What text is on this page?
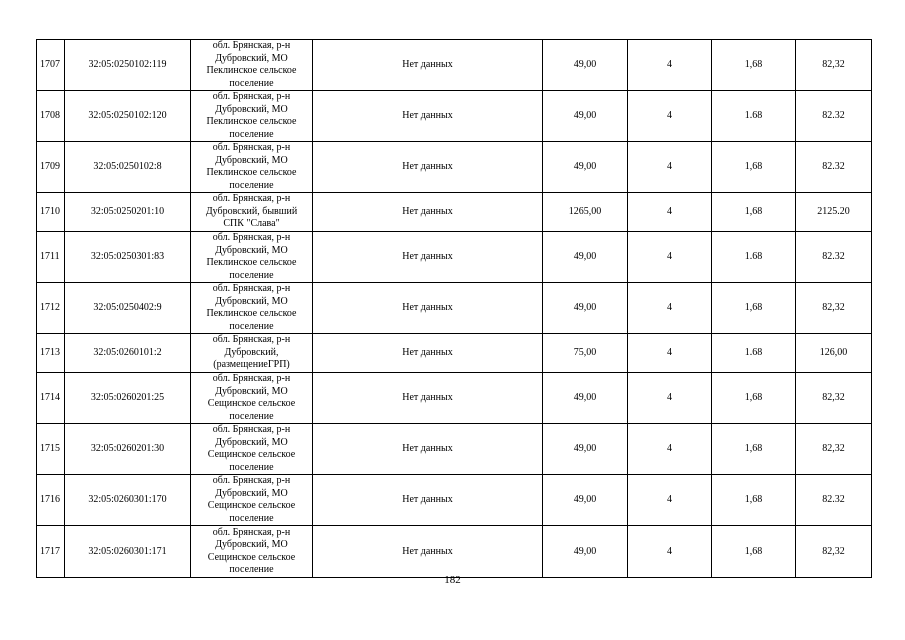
1707	32:05:0250102:119	обл. Брянская, р-н
Дубровский, МО
Пеклинское сельское
поселение	Нет данных	49,00	4	1,68	82,32
1708	32:05:0250102:120	обл. Брянская, р-н
Дубровский, МО
Пеклинское сельское
поселение	Нет данных	49,00	4	1.68	82.32
1709	32:05:0250102:8	обл. Брянская, р-н
Дубровский, МО
Пеклинское сельское
поселение	Нет данных	49,00	4	1,68	82.32
1710	32:05:0250201:10	обл. Брянская, р-н
Дубровский, бывший
СПК "Слава"	Нет данных	1265,00	4	1,68	2125.20
1711	32:05:0250301:83	обл. Брянская, р-н
Дубровский, МО
Пеклинское сельское
поселение	Нет данных	49,00	4	1.68	82.32
1712	32:05:0250402:9	обл. Брянская, р-н
Дубровский, МО
Пеклинское сельское
поселение	Нет данных	49,00	4	1,68	82,32
1713	32:05:0260101:2	обл. Брянская, р-н
Дубровский,
(размещениеГРП)	Нет данных	75,00	4	1.68	126,00
1714	32:05:0260201:25	обл. Брянская, р-н
Дубровский, МО
Сещинское сельское
поселение	Нет данных	49,00	4	1,68	82,32
1715	32:05:0260201:30	обл. Брянская, р-н
Дубровский, МО
Сещинское сельское
поселение	Нет данных	49,00	4	1,68	82,32
1716	32:05:0260301:170	обл. Брянская, р-н
Дубровский, МО
Сещинское сельское
поселение	Нет данных	49,00	4	1,68	82.32
1717	32:05:0260301:171	обл. Брянская, р-н
Дубровский, МО
Сещинское сельское
поселение	Нет данных	49,00	4	1,68	82,32
182
